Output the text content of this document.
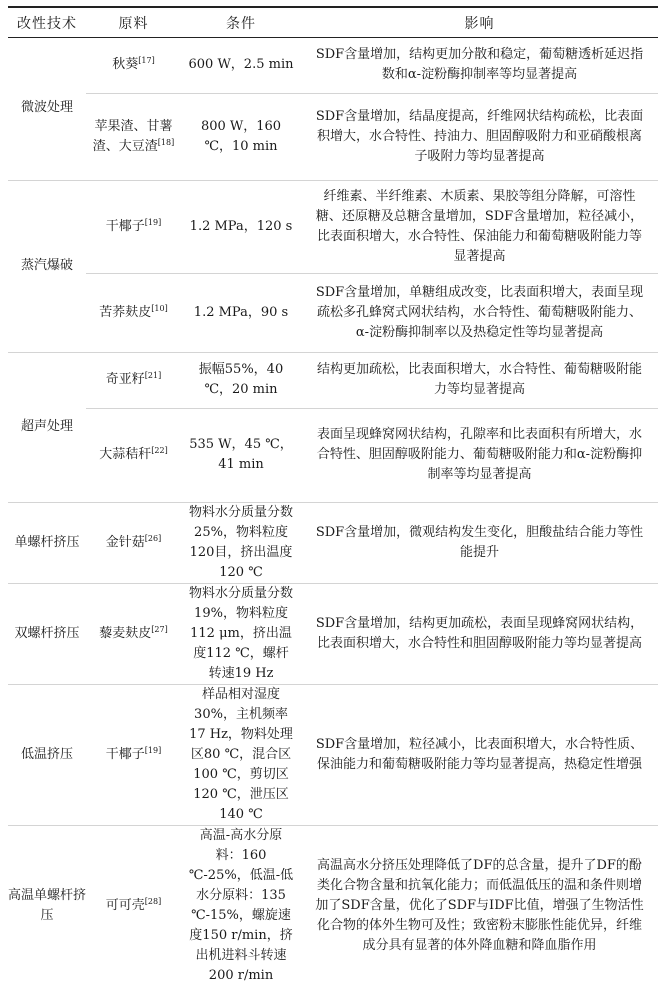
改性技术	原料	条件	影响
微波处理	秋葵[17]	600 W，2.5 min	SDF含量增加，结构更加分散和稳定，葡萄糖透析延迟指数和α-淀粉酶抑制率等均显著提高
	苹果渣、甘薯渣、大豆渣[18]	800 W，160 ℃，10 min	SDF含量增加，结晶度提高，纤维网状结构疏松，比表面积增大，水合特性、持油力、胆固醇吸附力和亚硝酸根离子吸附力等均显著提高
蒸汽爆破	干椰子[19]	1.2 MPa，120 s	纤维素、半纤维素、木质素、果胶等组分降解，可溶性糖、还原糖及总糖含量增加，SDF含量增加，粒径减小，比表面积增大，水合特性、保油能力和葡萄糖吸附能力等显著提高
	苦荞麸皮[10]	1.2 MPa，90 s	SDF含量增加，单糖组成改变，比表面积增大，表面呈现疏松多孔蜂窝式网状结构，水合特性、葡萄糖吸附能力、α-淀粉酶抑制率以及热稳定性等均显著提高
超声处理	奇亚籽[21]	振幅55%，40 ℃，20 min	结构更加疏松，比表面积增大，水合特性、葡萄糖吸附能力等均显著提高
	大蒜秸秆[22]	535 W，45 ℃，41 min	表面呈现蜂窝网状结构，孔隙率和比表面积有所增大，水合特性、胆固醇吸附能力、葡萄糖吸附能力和α-淀粉酶抑制率等均显著提高
单螺杆挤压	金针菇[26]	物料水分质量分数25%，物料粒度120目，挤出温度120 ℃	SDF含量增加，微观结构发生变化，胆酸盐结合能力等性能提升
双螺杆挤压	藜麦麸皮[27]	物料水分质量分数19%，物料粒度112 μm，挤出温度112 ℃，螺杆转速19 Hz	SDF含量增加，结构更加疏松，表面呈现蜂窝网状结构，比表面积增大，水合特性和胆固醇吸附能力等均显著提高
低温挤压	干椰子[19]	样品相对湿度30%，主机频率17 Hz，物料处理区80 ℃，混合区100 ℃，剪切区120 ℃，泄压区140 ℃	SDF含量增加，粒径减小，比表面积增大，水合特性质、保油能力和葡萄糖吸附能力等均显著提高，热稳定性增强
高温单螺杆挤压	可可壳[28]	高温-高水分原料：160 ℃-25%，低温-低水分原料：135 ℃-15%，螺旋速度150 r/min，挤出机进料斗转速200 r/min	高温高水分挤压处理降低了DF的总含量，提升了DF的酚类化合物含量和抗氧化能力；而低温低压的温和条件则增加了SDF含量，优化了SDF与IDF比值，增强了生物活性化合物的体外生物可及性；致密粉末膨胀性能优异，纤维成分具有显著的体外降血糖和降血脂作用
